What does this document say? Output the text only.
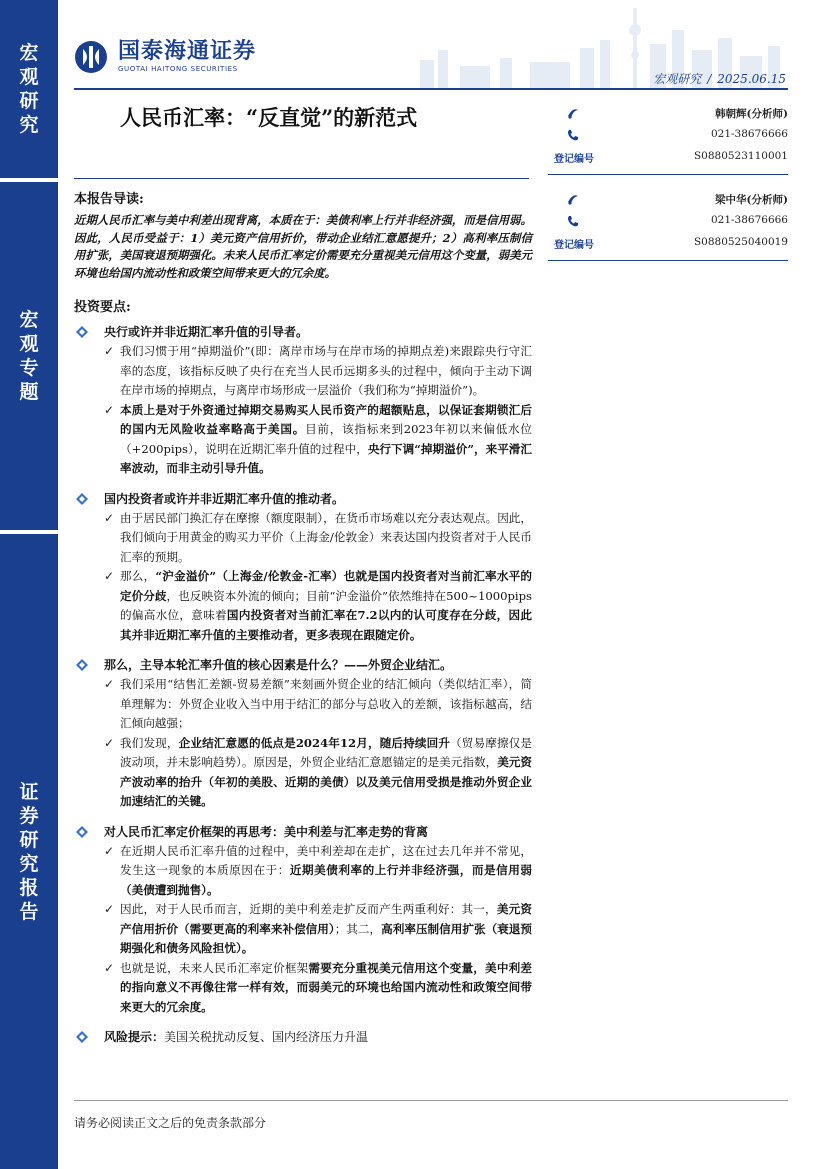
宏
观
研
究
宏
观
专
题
证
券
研
究
报
告
国泰海通证券
GUOTAI HAITONG SECURITIES
宏观研究 / 2025.06.15
人民币汇率：“反直觉”的新范式	韩朝辉(分析师)
021-38676666
登记编号	S0880523110001
梁中华(分析师)
021-38676666
登记编号	S0880525040019
本报告导读:
近期人民币汇率与美中利差出现背离，本质在于：美债利率上行并非经济强，而是信用弱。因此，人民币受益于：1）美元资产信用折价，带动企业结汇意愿提升；2）高利率压制信用扩张，美国衰退预期强化。未来人民币汇率定价需要充分重视美元信用这个变量，弱美元环境也给国内流动性和政策空间带来更大的冗余度。
投资要点:
央行或许并非近期汇率升值的引导者。
✓ 我们习惯于用“掉期溢价”(即：离岸市场与在岸市场的掉期点差)来跟踪央行守汇率的态度，该指标反映了央行在充当人民币远期多头的过程中，倾向于主动下调在岸市场的掉期点，与离岸市场形成一层溢价（我们称为“掉期溢价”)。
✓ 本质上是对于外资通过掉期交易购买人民币资产的超额贴息，以保证套期锁汇后的国内无风险收益率略高于美国。目前，该指标来到2023年初以来偏低水位（+200pips），说明在近期汇率升值的过程中，央行下调“掉期溢价”，来平滑汇率波动，而非主动引导升值。
国内投资者或许并非近期汇率升值的推动者。
✓ 由于居民部门换汇存在摩擦（额度限制），在货币市场难以充分表达观点。因此，我们倾向于用黄金的购买力平价（上海金/伦敦金）来表达国内投资者对于人民币汇率的预期。
✓ 那么，“沪金溢价”（上海金/伦敦金-汇率）也就是国内投资者对当前汇率水平的定价分歧，也反映资本外流的倾向；目前“沪金溢价”依然维持在500~1000pips的偏高水位，意味着国内投资者对当前汇率在7.2以内的认可度存在分歧，因此其并非近期汇率升值的主要推动者，更多表现在跟随定价。
那么，主导本轮汇率升值的核心因素是什么？——外贸企业结汇。
✓ 我们采用“结售汇差额-贸易差额”来刻画外贸企业的结汇倾向（类似结汇率），简单理解为：外贸企业收入当中用于结汇的部分与总收入的差额，该指标越高，结汇倾向越强；
✓ 我们发现，企业结汇意愿的低点是2024年12月，随后持续回升（贸易摩擦仅是波动项，并未影响趋势）。原因是，外贸企业结汇意愿锚定的是美元指数，美元资产波动率的抬升（年初的美股、近期的美债）以及美元信用受损是推动外贸企业加速结汇的关键。
对人民币汇率定价框架的再思考：美中利差与汇率走势的背离
✓ 在近期人民币汇率升值的过程中，美中利差却在走扩，这在过去几年并不常见，发生这一现象的本质原因在于：近期美债利率的上行并非经济强，而是信用弱（美债遭到抛售）。
✓ 因此，对于人民币而言，近期的美中利差走扩反而产生两重利好：其一，美元资产信用折价（需要更高的利率来补偿信用）；其二，高利率压制信用扩张（衰退预期强化和债务风险担忧）。
✓ 也就是说，未来人民币汇率定价框架需要充分重视美元信用这个变量，美中利差的指向意义不再像往常一样有效，而弱美元的环境也给国内流动性和政策空间带来更大的冗余度。
风险提示：美国关税扰动反复、国内经济压力升温
请务必阅读正文之后的免责条款部分
